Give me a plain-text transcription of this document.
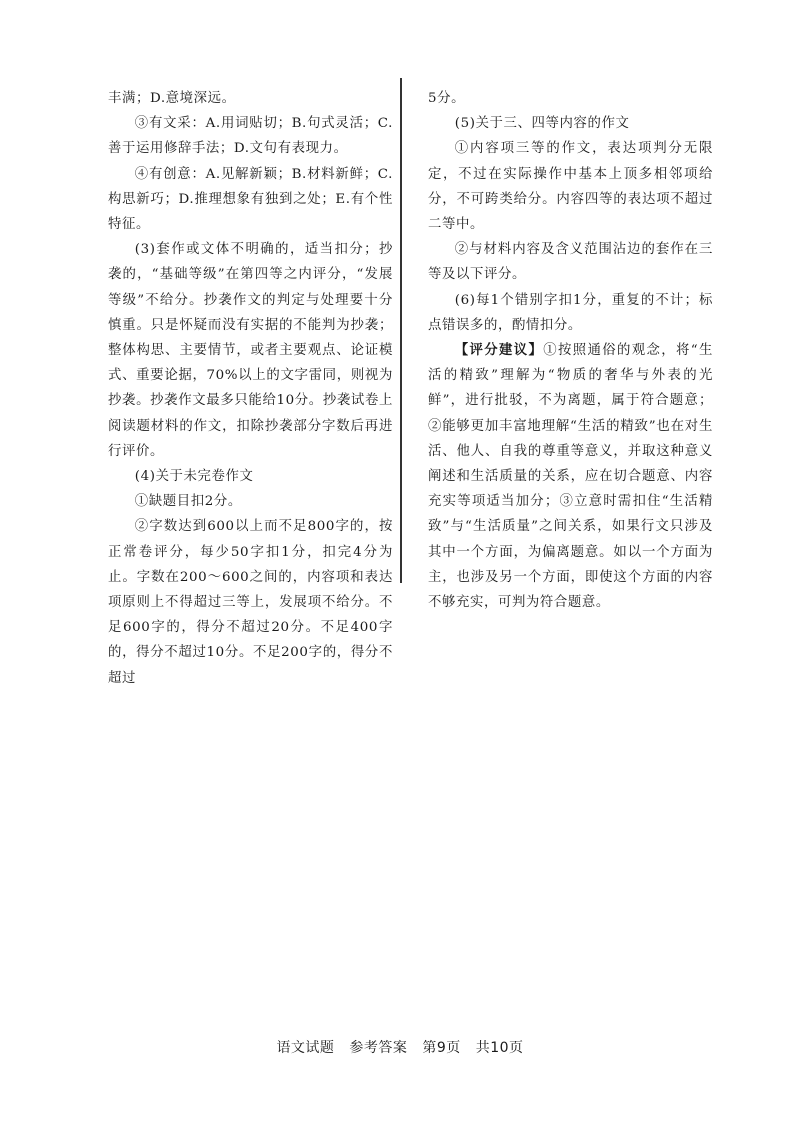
丰满；D.意境深远。

③有文采：A.用词贴切；B.句式灵活；C.善于运用修辞手法；D.文句有表现力。

④有创意：A.见解新颖；B.材料新鲜；C.构思新巧；D.推理想象有独到之处；E.有个性特征。

(3)套作或文体不明确的，适当扣分；抄袭的，“基础等级”在第四等之内评分，“发展等级”不给分。抄袭作文的判定与处理要十分慎重。只是怀疑而没有实据的不能判为抄袭；整体构思、主要情节，或者主要观点、论证模式、重要论据，70%以上的文字雷同，则视为抄袭。抄袭作文最多只能给10分。抄袭试卷上阅读题材料的作文，扣除抄袭部分字数后再进行评价。

(4)关于未完卷作文

①缺题目扣2分。

②字数达到600以上而不足800字的，按正常卷评分，每少50字扣1分，扣完4分为止。字数在200～600之间的，内容项和表达项原则上不得超过三等上，发展项不给分。不足600字的，得分不超过20分。不足400字的，得分不超过10分。不足200字的，得分不超过

5分。

(5)关于三、四等内容的作文

①内容项三等的作文，表达项判分无限定，不过在实际操作中基本上顶多相邻项给分，不可跨类给分。内容四等的表达项不超过二等中。

②与材料内容及含义范围沾边的套作在三等及以下评分。

(6)每1个错别字扣1分，重复的不计；标点错误多的，酌情扣分。

【评分建议】①按照通俗的观念，将“生活的精致”理解为“物质的奢华与外表的光鲜”，进行批驳，不为离题，属于符合题意；②能够更加丰富地理解“生活的精致”也在对生活、他人、自我的尊重等意义，并取这种意义阐述和生活质量的关系，应在切合题意、内容充实等项适当加分；③立意时需扣住“生活精致”与“生活质量”之间关系，如果行文只涉及其中一个方面，为偏离题意。如以一个方面为主，也涉及另一个方面，即使这个方面的内容不够充实，可判为符合题意。

语文试题 参考答案 第9页 共10页
